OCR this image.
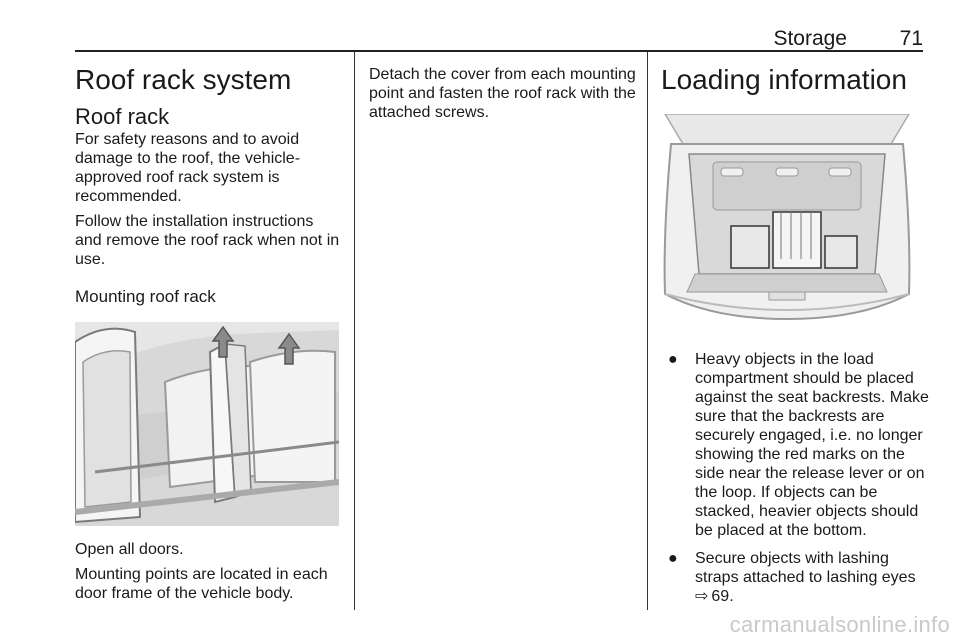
Storage	71
Roof rack system
Roof rack

For safety reasons and to avoid damage to the roof, the vehicle-approved roof rack system is recommended.

Follow the installation instructions and remove the roof rack when not in use.

Mounting roof rack

Open all doors.

Mounting points are located in each door frame of the vehicle body.

Detach the cover from each mounting point and fasten the roof rack with the attached screws.

Loading information
● Heavy objects in the load compartment should be placed against the seat backrests. Make sure that the backrests are securely engaged, i.e. no longer showing the red marks on the side near the release lever or on the loop. If objects can be stacked, heavier objects should be placed at the bottom.
● Secure objects with lashing straps attached to lashing eyes
⇨ 69.
carmanualsonline.info
